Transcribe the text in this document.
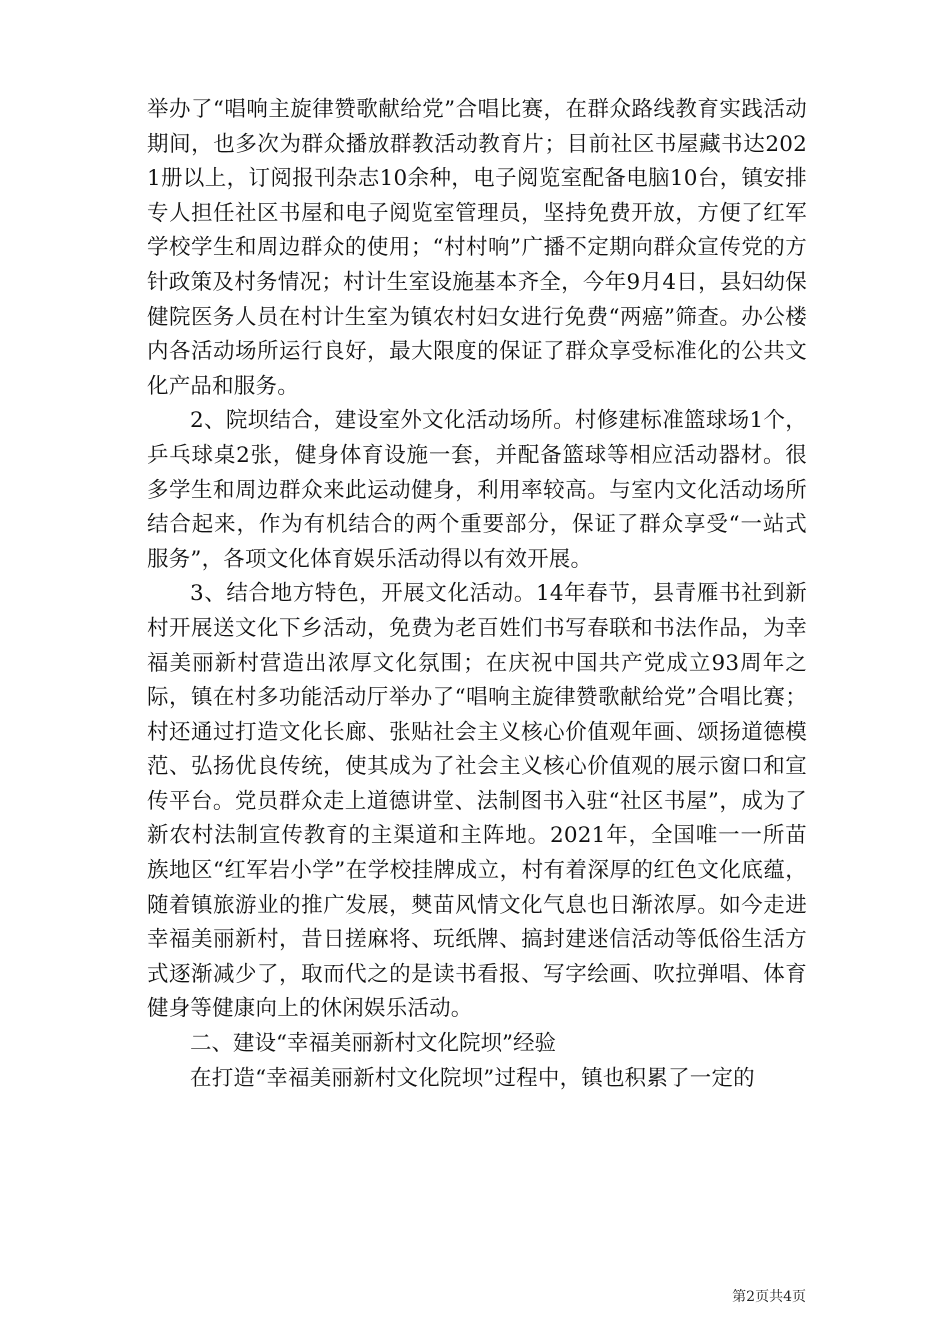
举办了“唱响主旋律赞歌献给党”合唱比赛，在群众路线教育实践活动期间，也多次为群众播放群教活动教育片；目前社区书屋藏书达2021册以上，订阅报刊杂志10余种，电子阅览室配备电脑10台，镇安排专人担任社区书屋和电子阅览室管理员，坚持免费开放，方便了红军学校学生和周边群众的使用；“村村响”广播不定期向群众宣传党的方针政策及村务情况；村计生室设施基本齐全，今年9月4日，县妇幼保健院医务人员在村计生室为镇农村妇女进行免费“两癌”筛查。办公楼内各活动场所运行良好，最大限度的保证了群众享受标准化的公共文化产品和服务。

2、院坝结合，建设室外文化活动场所。村修建标准篮球场1个，乒乓球桌2张，健身体育设施一套，并配备篮球等相应活动器材。很多学生和周边群众来此运动健身，利用率较高。与室内文化活动场所结合起来，作为有机结合的两个重要部分，保证了群众享受“一站式服务”，各项文化体育娱乐活动得以有效开展。

3、结合地方特色，开展文化活动。14年春节，县青雁书社到新村开展送文化下乡活动，免费为老百姓们书写春联和书法作品，为幸福美丽新村营造出浓厚文化氛围；在庆祝中国共产党成立93周年之际，镇在村多功能活动厅举办了“唱响主旋律赞歌献给党”合唱比赛；村还通过打造文化长廊、张贴社会主义核心价值观年画、颂扬道德模范、弘扬优良传统，使其成为了社会主义核心价值观的展示窗口和宣传平台。党员群众走上道德讲堂、法制图书入驻“社区书屋”，成为了新农村法制宣传教育的主渠道和主阵地。2021年，全国唯一一所苗族地区“红军岩小学”在学校挂牌成立，村有着深厚的红色文化底蕴，随着镇旅游业的推广发展，僰苗风情文化气息也日渐浓厚。如今走进幸福美丽新村，昔日搓麻将、玩纸牌、搞封建迷信活动等低俗生活方式逐渐减少了，取而代之的是读书看报、写字绘画、吹拉弹唱、体育健身等健康向上的休闲娱乐活动。

二、建设“幸福美丽新村文化院坝”经验

在打造“幸福美丽新村文化院坝”过程中，镇也积累了一定的

第2页共4页
